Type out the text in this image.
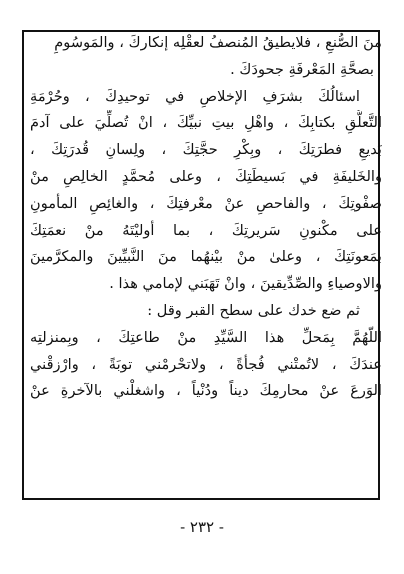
منَ الصُّنعِ ، فلايطيقُ المُنصفُ لعقْلِه إنكاركَ ، والمَوسُومِ
بصحَّةِ المَعْرفَةِ جحودَكَ .
اسئالُكَ بشرَفِ الإخلاصِ في توحيدِكَ ، وحُرْمَةِ
التَّعلُّقِ بكتابِكَ ، واهْلِ بيتِ نبيِّكَ ، انْ تُصلِّيَ على آدمَ
بَديعِ فطرَتِكَ ، وبِكْرِ حجَّتِكَ ، ولِسانِ قُدرَتِكَ ،
والخَليفَةِ في بَسيطَتِكَ ، وعلى مُحمَّدٍ الخالِصِ منْ
صفْوتِكَ ، والفاحصِ عنْ معْرفتِكَ ، والغائِصِ المأمونِ
على مكْنونِ سَريرتِكَ ، بما أوليْتَهُ منْ نعمَتِكَ
بمَعونَتِكَ ، وعلىٰ منْ بيْنهُما منَ النَّبيِّينَ والمكرَّمينَ
والاوصياءِ والصِّدِّيقينَ ، وانْ تَهَبَني لإمامي هذا .
ثم ضع خدك على سطح القبر وقل :
اللّهُمَّ بِمَحلِّ هذا السَّيِّدِ منْ طاعتِكَ ، وبِمنزلتِه
عندَكَ ، لاتُمتْني فُجأةً ، ولاتحْرمْني توبَةً ، وارْزقْني
الوَرعَ عنْ محارمِكَ ديناً ودُنْياً ، واشغلْني بالآخرةِ عنْ
- ٢٣٢ -
